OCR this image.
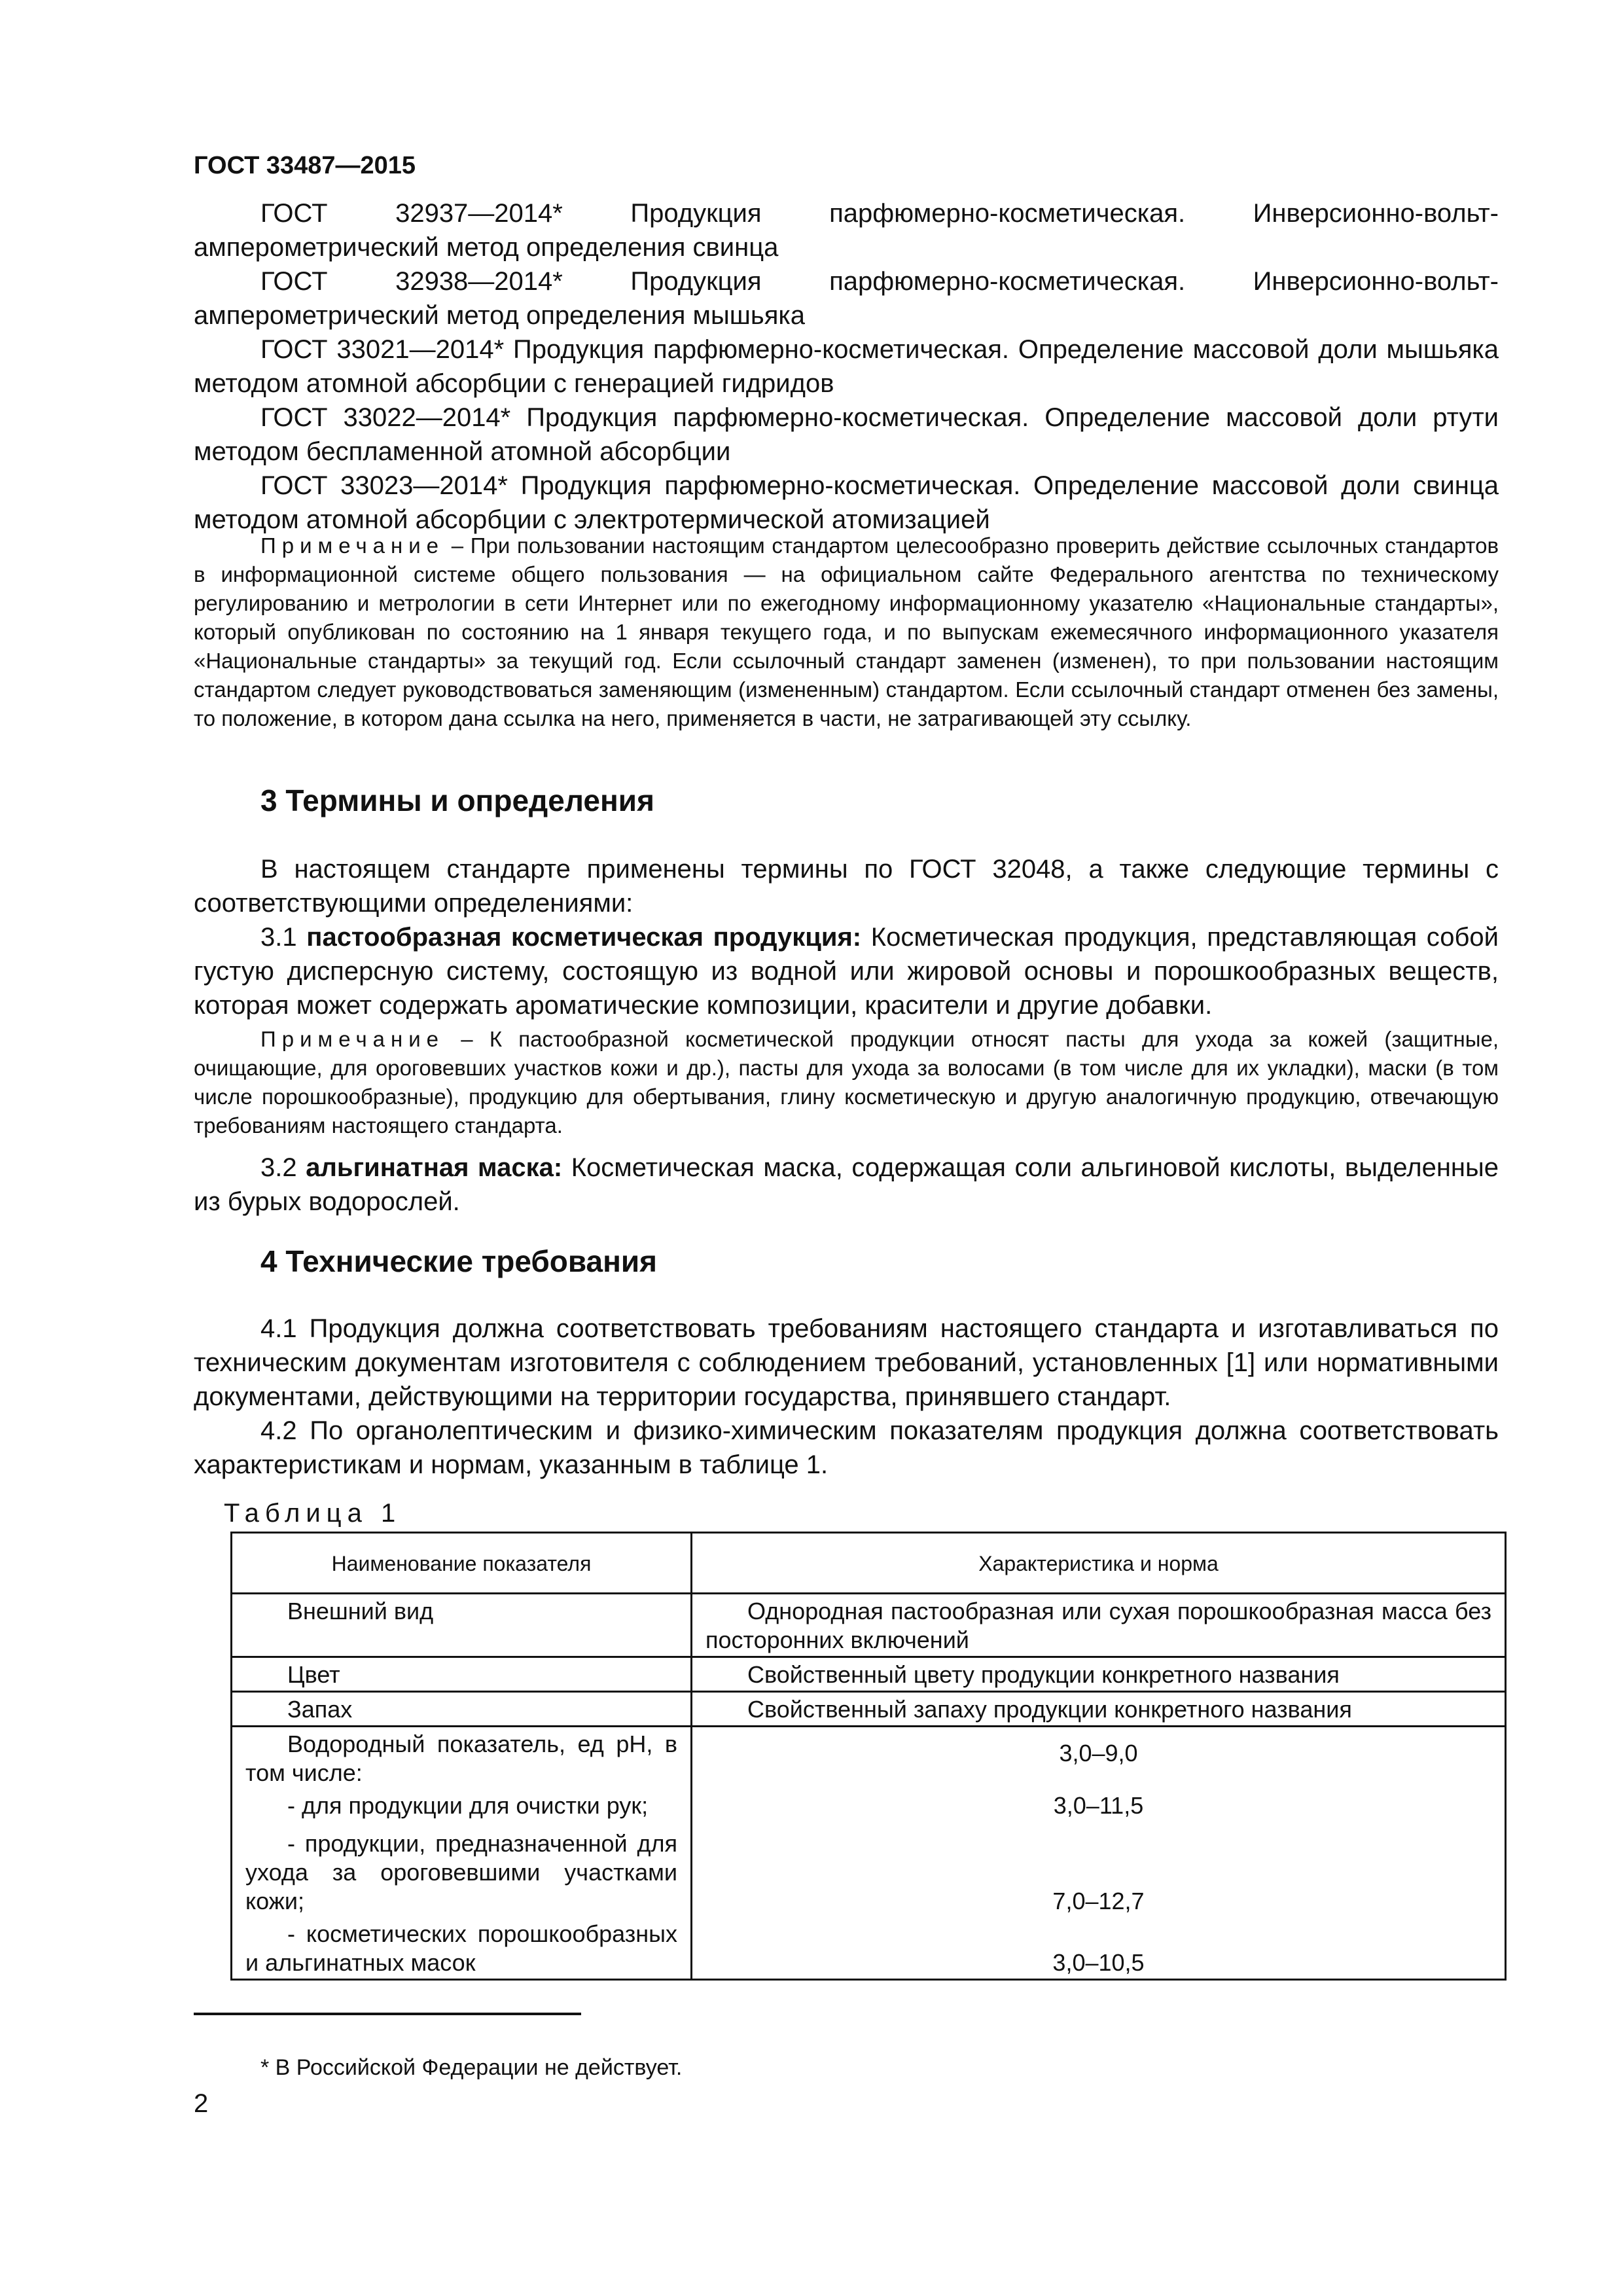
ГОСТ 33487—2015

ГОСТ 32937—2014* Продукция парфюмерно-косметическая. Инверсионно-вольт-амперометрический метод определения свинца

ГОСТ 32938—2014* Продукция парфюмерно-косметическая. Инверсионно-вольт-амперометрический метод определения мышьяка

ГОСТ 33021—2014* Продукция парфюмерно-косметическая. Определение массовой доли мышьяка методом атомной абсорбции с генерацией гидридов

ГОСТ 33022—2014* Продукция парфюмерно-косметическая. Определение массовой доли ртути методом беспламенной атомной абсорбции

ГОСТ 33023—2014* Продукция парфюмерно-косметическая. Определение массовой доли свинца методом атомной абсорбции с электротермической атомизацией

Примечание – При пользовании настоящим стандартом целесообразно проверить действие ссылочных стандартов в информационной системе общего пользования — на официальном сайте Федерального агентства по техническому регулированию и метрологии в сети Интернет или по ежегодному информационному указателю «Национальные стандарты», который опубликован по состоянию на 1 января текущего года, и по выпускам ежемесячного информационного указателя «Национальные стандарты» за текущий год. Если ссылочный стандарт заменен (изменен), то при пользовании настоящим стандартом следует руководствоваться заменяющим (измененным) стандартом. Если ссылочный стандарт отменен без замены, то положение, в котором дана ссылка на него, применяется в части, не затрагивающей эту ссылку.

3 Термины и определения

В настоящем стандарте применены термины по ГОСТ 32048, а также следующие термины с соответствующими определениями:

3.1 пастообразная косметическая продукция: Косметическая продукция, представляющая собой густую дисперсную систему, состоящую из водной или жировой основы и порошкообразных веществ, которая может содержать ароматические композиции, красители и другие добавки.

Примечание – К пастообразной косметической продукции относят пасты для ухода за кожей (защитные, очищающие, для ороговевших участков кожи и др.), пасты для ухода за волосами (в том числе для их укладки), маски (в том числе порошкообразные), продукцию для обертывания, глину косметическую и другую аналогичную продукцию, отвечающую требованиям настоящего стандарта.

3.2 альгинатная маска: Косметическая маска, содержащая соли альгиновой кислоты, выделенные из бурых водорослей.

4 Технические требования

4.1 Продукция должна соответствовать требованиям настоящего стандарта и изготавливаться по техническим документам изготовителя с соблюдением требований, установленных [1] или нормативными документами, действующими на территории государства, принявшего стандарт.

4.2 По органолептическим и физико-химическим показателям продукция должна соответствовать характеристикам и нормам, указанным в таблице 1.

Таблица 1
Наименование показателя	Характеристика и норма

Внешний вид	Однородная пастообразная или сухая порошкообразная масса без посторонних включений

Цвет	Свойственный цвету продукции конкретного названия

Запах	Свойственный запаху продукции конкретного названия

Водородный показатель, ед pH, в том числе:	3,0–9,0

- для продукции для очистки рук;	3,0–11,5

- продукции, предназначенной для ухода за ороговевшими участками кожи;	7,0–12,7

- косметических порошкообразных и альгинатных масок	3,0–10,5
* В Российской Федерации не действует.
2
